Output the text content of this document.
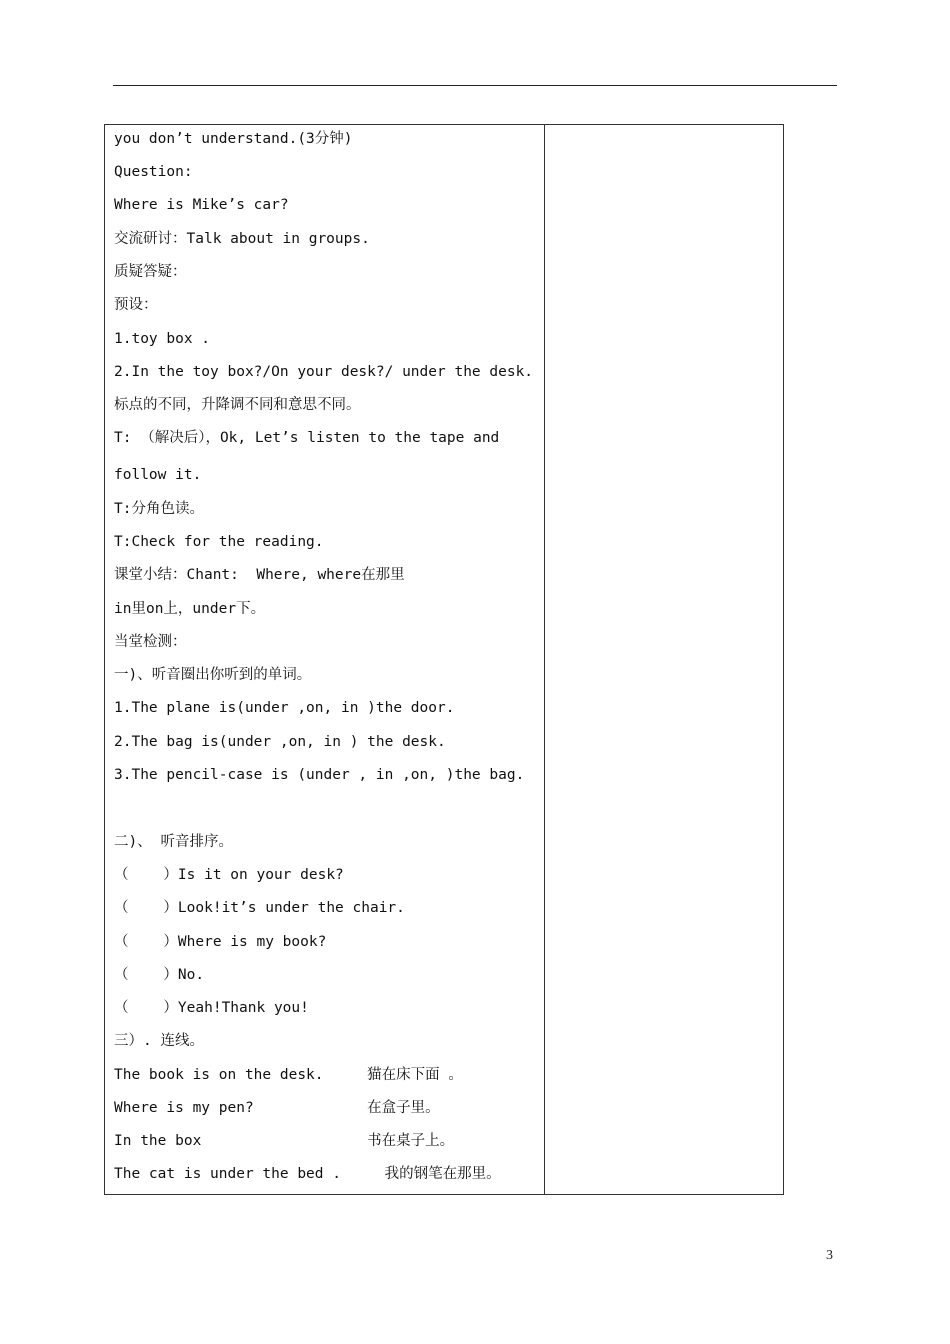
you don’t understand.(3分钟)
Question:
Where is Mike’s car?
交流研讨：Talk about in groups.
质疑答疑：
预设：
1.toy box .
2.In the toy box?/On your desk?/ under the desk.
标点的不同，升降调不同和意思不同。
T: （解决后），Ok, Let’s listen to the tape and
follow it.
T:分角色读。
T:Check for the reading.
课堂小结：Chant:  Where, where在那里
in里on上，under下。
当堂检测：
一)、听音圈出你听到的单词。
1.The plane is(under ,on, in )the door.
2.The bag is(under ,on, in ) the desk.
3.The pencil-case is (under , in ,on, )the bag.
二)、 听音排序。
（    ）Is it on your desk?
（    ）Look!it’s under the chair.
（    ）Where is my book?
（    ）No.
（    ）Yeah!Thank you!
三）. 连线。
The book is on the desk.     猫在床下面 。
Where is my pen?             在盒子里。
In the box                   书在桌子上。
The cat is under the bed .     我的钢笔在那里。
3
